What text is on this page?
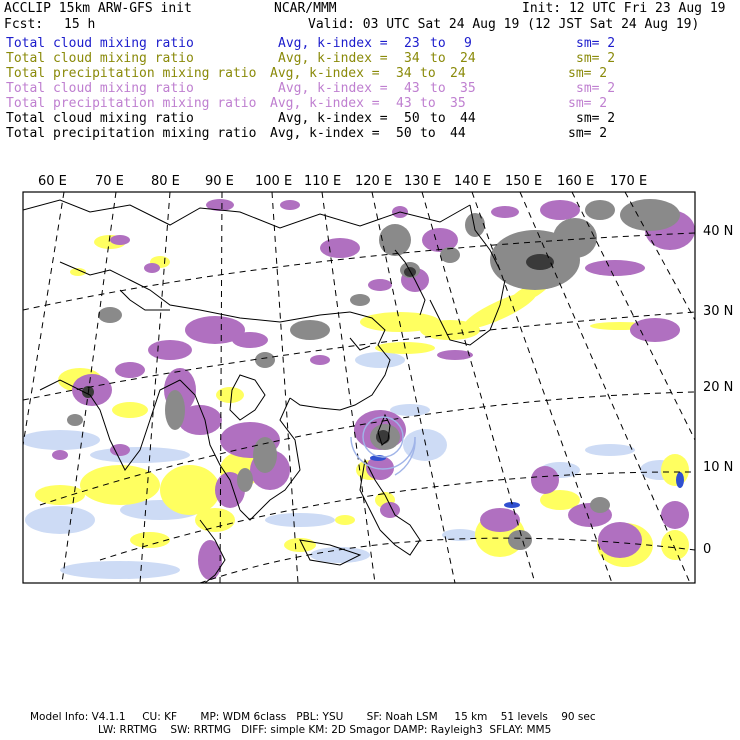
ACCLIP 15km ARW-GFS init	NCAR/MMM	Init: 12 UTC Fri 23 Aug 19
Fcst: 15 h	Valid: 03 UTC Sat 24 Aug 19 (12 JST Sat 24 Aug 19)
Total cloud mixing ratio	Avg, k-index = 23 to 9	sm= 2
Total cloud mixing ratio	Avg, k-index = 34 to 24	sm= 2
Total precipitation mixing ratio Avg, k-index = 34 to 24	sm= 2
Total cloud mixing ratio	Avg, k-index = 43 to 35	sm= 2
Total precipitation mixing ratio Avg, k-index = 43 to 35	sm= 2
Total cloud mixing ratio	Avg, k-index = 50 to 44	sm= 2
Total precipitation mixing ratio Avg, k-index = 50 to 44	sm= 2
60 E 70 E 80 E 90 E 100 E 110 E 120 E 130 E 140 E 150 E 160 E 170 E
40 N
30 N
20 N
10 N
0
Model Info: V4.1.1     CU: KF       MP: WDM 6class   PBL: YSU       SF: Noah LSM     15 km    51 levels    90 sec
LW: RRTMG    SW: RRTMG   DIFF: simple KM: 2D Smagor DAMP: Rayleigh3  SFLAY: MM5
